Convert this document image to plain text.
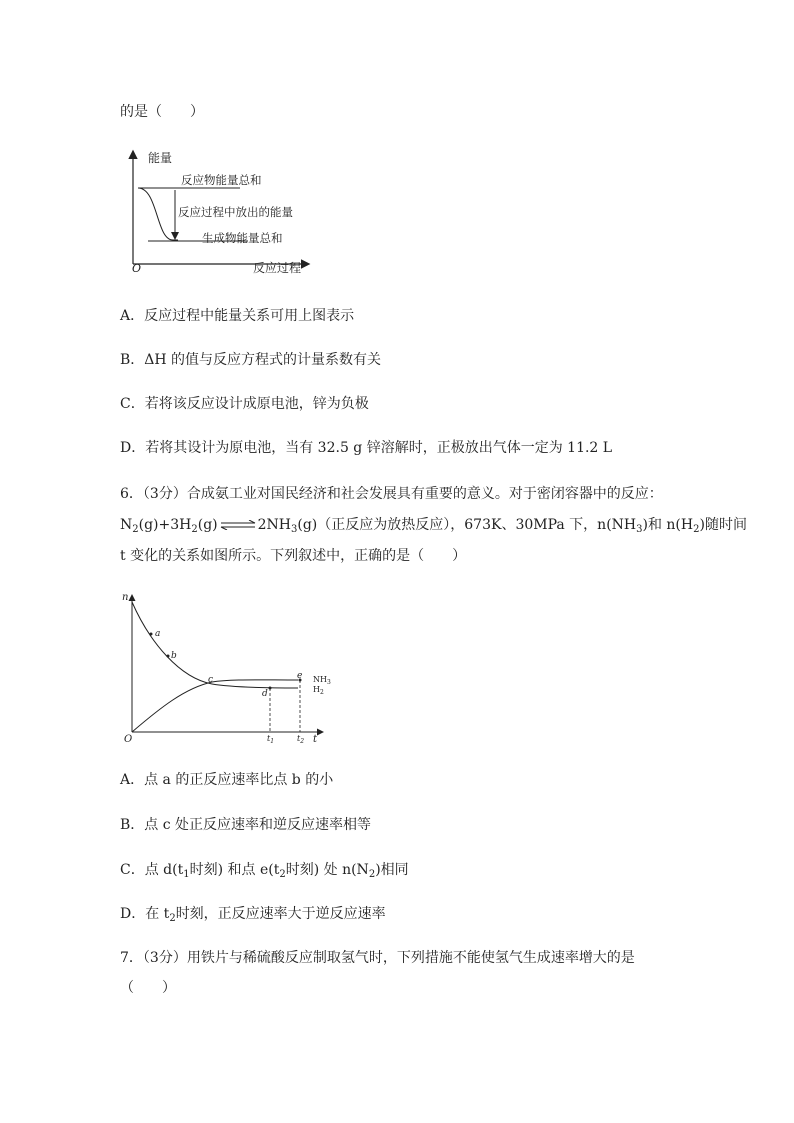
的是（　　）
能量
O	反应过程
反应物能量总和
生成物能量总和
反应过程中放出的能量
A．反应过程中能量关系可用上图表示
B．ΔH 的值与反应方程式的计量系数有关
C．若将该反应设计成原电池，锌为负极
D．若将其设计为原电池，当有 32.5 g 锌溶解时，正极放出气体一定为 11.2 L
6．（3分）合成氨工业对国民经济和社会发展具有重要的意义。对于密闭容器中的反应：
$N_2(g)+3H_2(g)$ ⇌ $2NH_3(g)$（正反应为放热反应），673K、30MPa 下，$n(NH_3)$和 $n(H_2)$随时间
t 变化的关系如图所示。下列叙述中，正确的是（　　）
n
O	t
a
b
c
d
e
$t_1$	$t_2$
$NH_3$
$H_2$
A．点 a 的正反应速率比点 b 的小
B．点 c 处正反应速率和逆反应速率相等
C．点 $d(t_1$时刻) 和点 $e(t_2$时刻) 处 $n(N_2)$相同
D．在 $t_2$时刻，正反应速率大于逆反应速率
7．（3分）用铁片与稀硫酸反应制取氢气时，下列措施不能使氢气生成速率增大的是
（　　）
